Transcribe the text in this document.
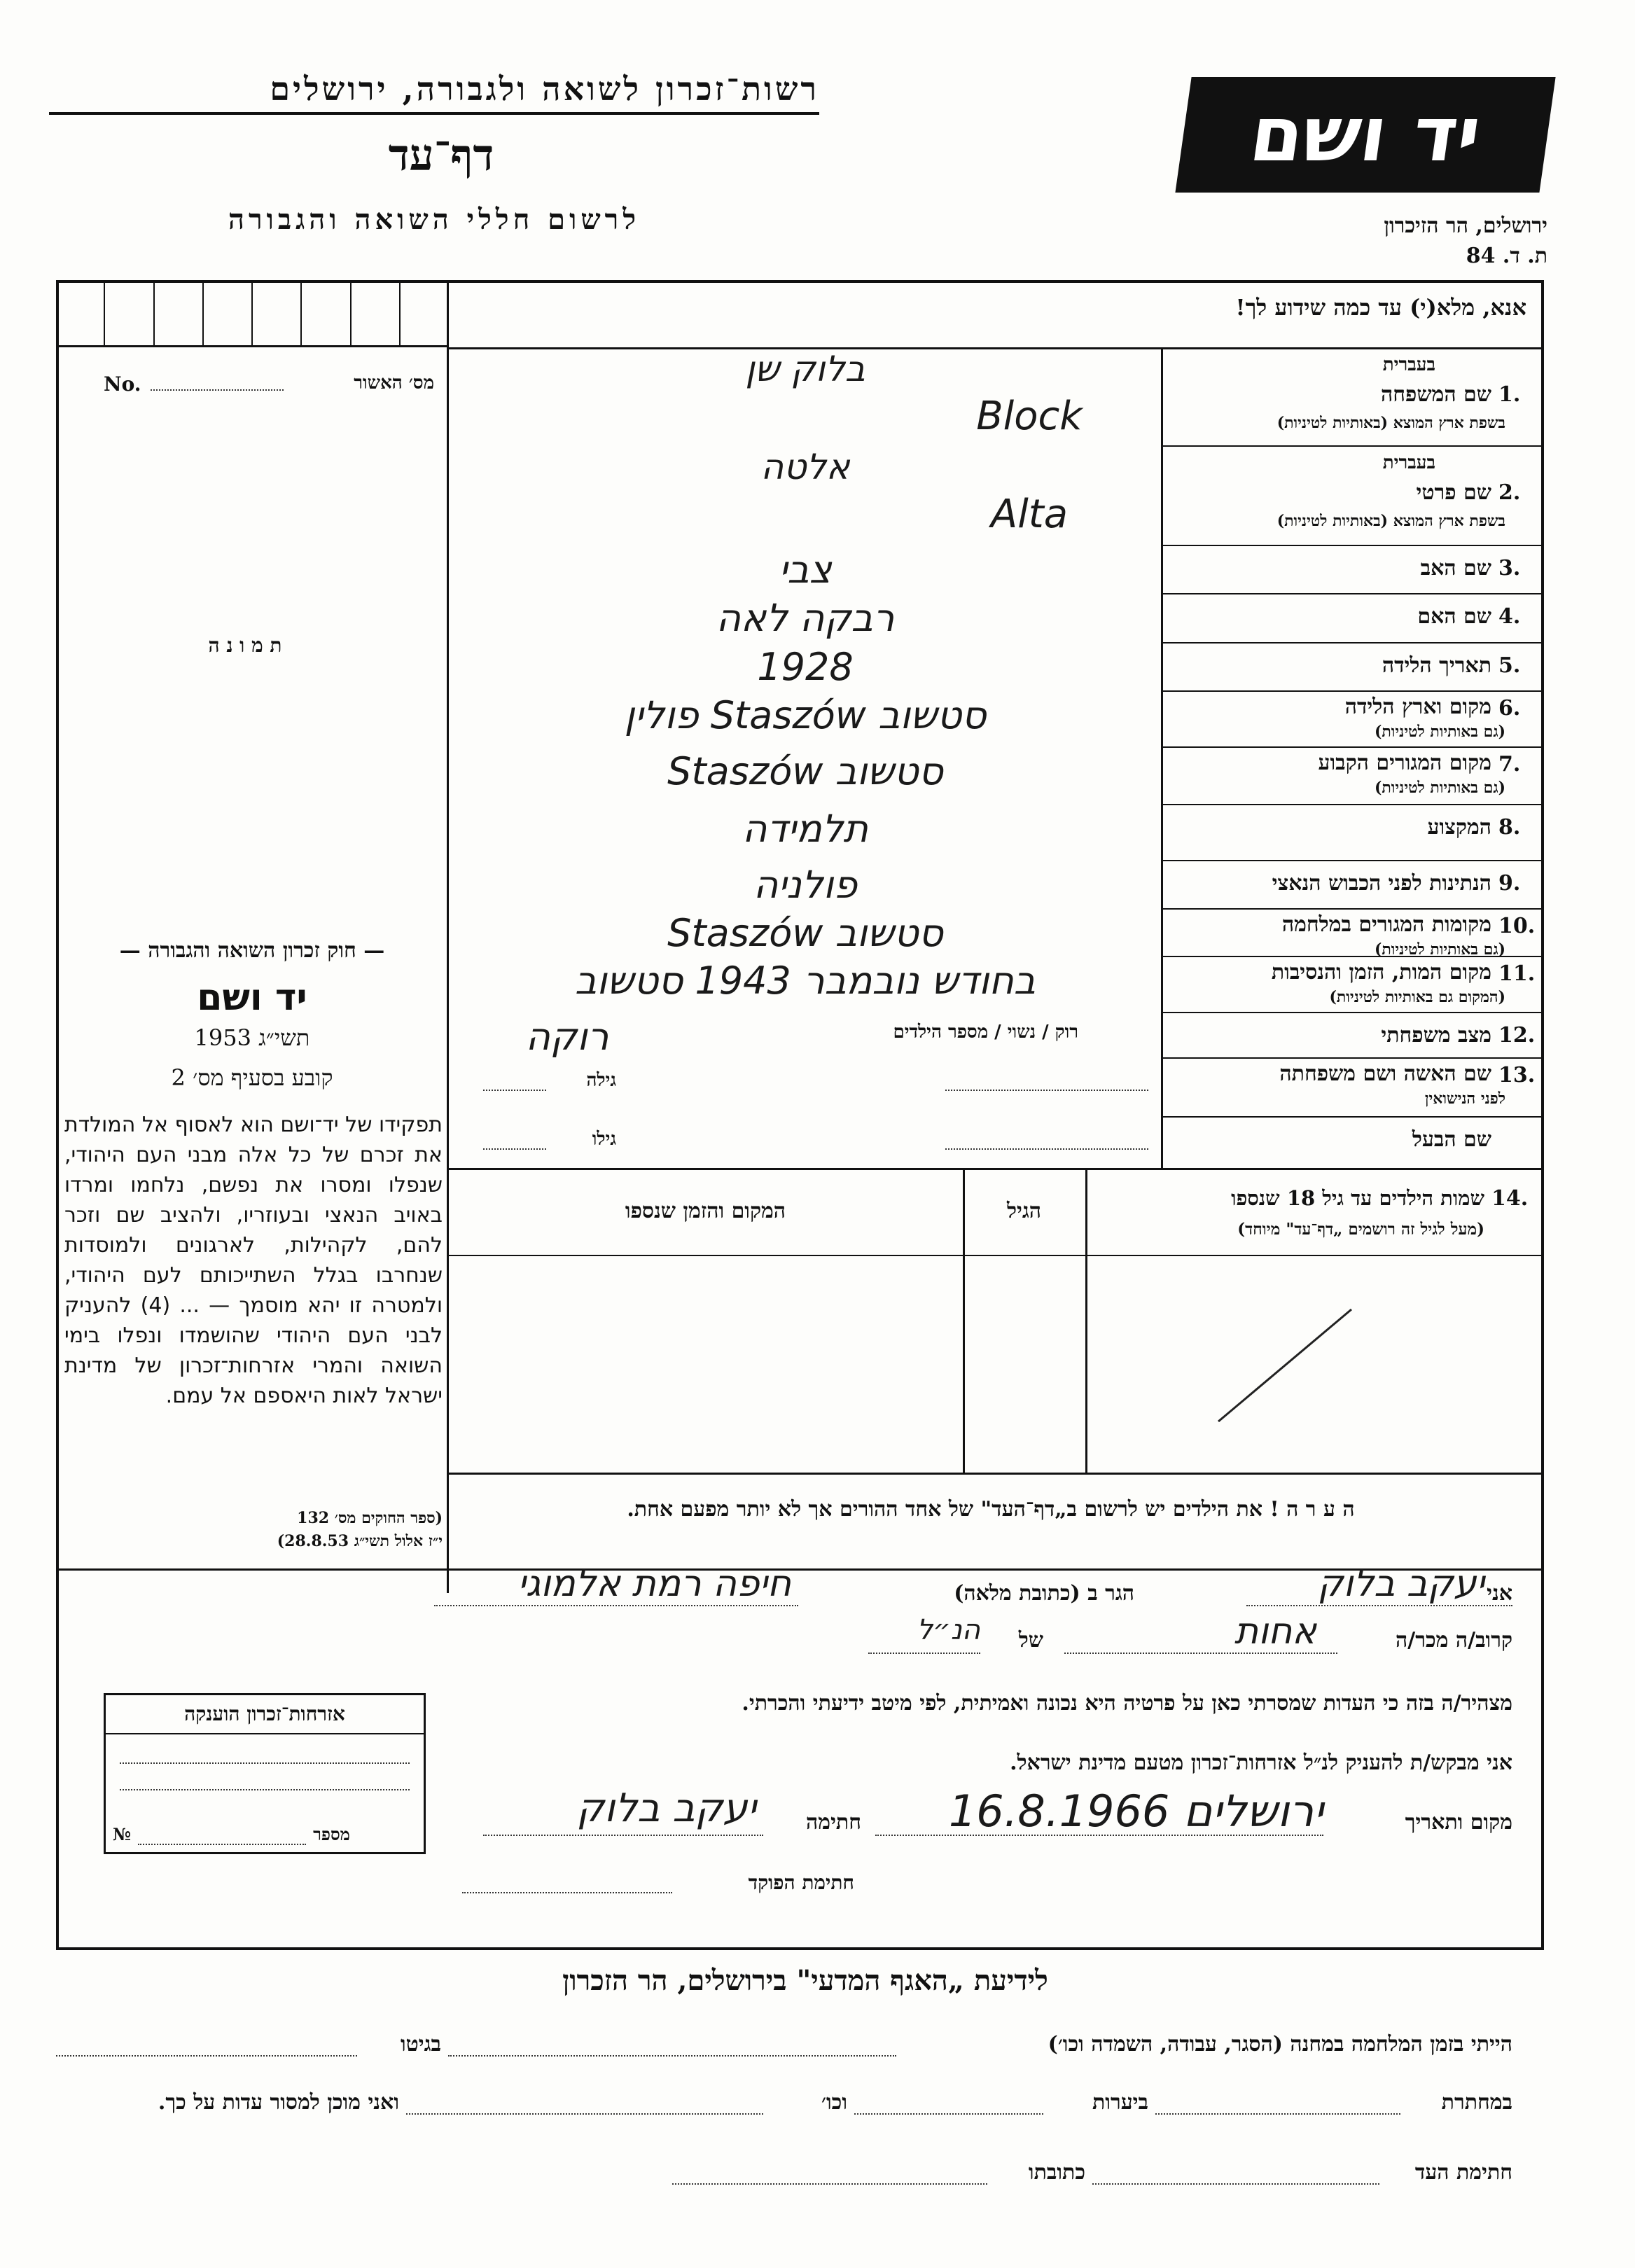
רשות־זכרון לשואה ולגבורה, ירושלים
דף־עד
לרשום חללי השואה והגבורה
יד ושם
ירושלים, הר הזיכרון
ת. ד. 84
אנא, מלא(י) עד כמה שידוע לך!
No.	מס׳ האשור
ת מ ו נ ה
— חוק זכרון השואה והגבורה —
יד ושם
תשי״ג 1953
קובע בסעיף מס׳ 2
תפקידו של יד־ושם הוא לאסוף אל המולדת את זכרם של כל אלה מבני העם היהודי, שנפלו ומסרו את נפשם, נלחמו ומרדו באויב הנאצי ובעוזריו, ולהציב שם וזכר להם, לקהילות, לארגונים ולמוסדות שנחרבו בגלל השתייכותם לעם היהודי, ולמטרה זו יהא מוסמך — ... (4) להעניק לבני העם היהודי שהושמדו ונפלו בימי השואה והמרי אזרחות־זכרון של מדינת ישראל לאות היאספם אל עמם.
(ספר החוקים מס׳ 132
י״ז אלול תשי״ג 28.8.53)
1.
שם המשפחה
בעברית
בשפת ארץ המוצא (באותיות לטיניות)
בלוק שן
Block
2.
שם פרטי
בעברית
בשפת ארץ המוצא (באותיות לטיניות)
אלטה
Alta
3.
שם האב
צבי
4.
שם האם
רבקה לאה
5.
תאריך הלידה
1928
6.
מקום וארץ הלידה
(גם באותיות לטיניות)
סטשוב Staszów פולין
7.
מקום המגורים הקבוע
(גם באותיות לטיניות)
סטשוב Staszów
8.
המקצוע
תלמידה
9.
הנתינות לפני הכבוש הנאצי
פולניה
10.
מקומות המגורים במלחמה
(גם באותיות לטיניות)
סטשוב Staszów
11.
מקום המות, הזמן והנסיבות
(המקום גם באותיות לטיניות)
בחודש נובמבר 1943 סטשוב
12.
מצב משפחתי
רוק / נשוי / מספר הילדים
רוקה
13.
שם האשה ושם משפחתה
לפני הנישואין
גילה
שם הבעל
גילו
14.
שמות הילדים עד גיל 18 שנספו
(מעל לגיל זה רושמים „דף־עד" מיוחד)
הגיל
המקום והזמן שנספו
ה ע ר ה ! את הילדים יש לרשום ב„דף־העד" של אחד ההורים אך לא יותר מפעם אחת.
אני
יעקב בלוק
הגר ב (כתובת מלאה)
חיפה רמת אלמוגי
קרוב/ה מכר/ה
אחות
של
הנ״ל
מצהיר/ה בזה כי העדות שמסרתי כאן על פרטיה היא נכונה ואמיתית, לפי מיטב ידיעתי והכרתי.
אני מבקש/ת להעניק לנ״ל אזרחות־זכרון מטעם מדינת ישראל.
מקום ותאריך
ירושלים 16.8.1966
חתימה
יעקב בלוק
חתימת הפוקד
אזרחות־זכרון הוענקה
№	מספר
לידיעת „האגף המדעי" בירושלים, הר הזכרון
הייתי בזמן המלחמה במחנה (הסגר, עבודה, השמדה וכו׳)
בגיטו
במחתרת
ביערות
וכו׳
ואני מוכן למסור עדות על כך.
חתימת העד
כתובתו
